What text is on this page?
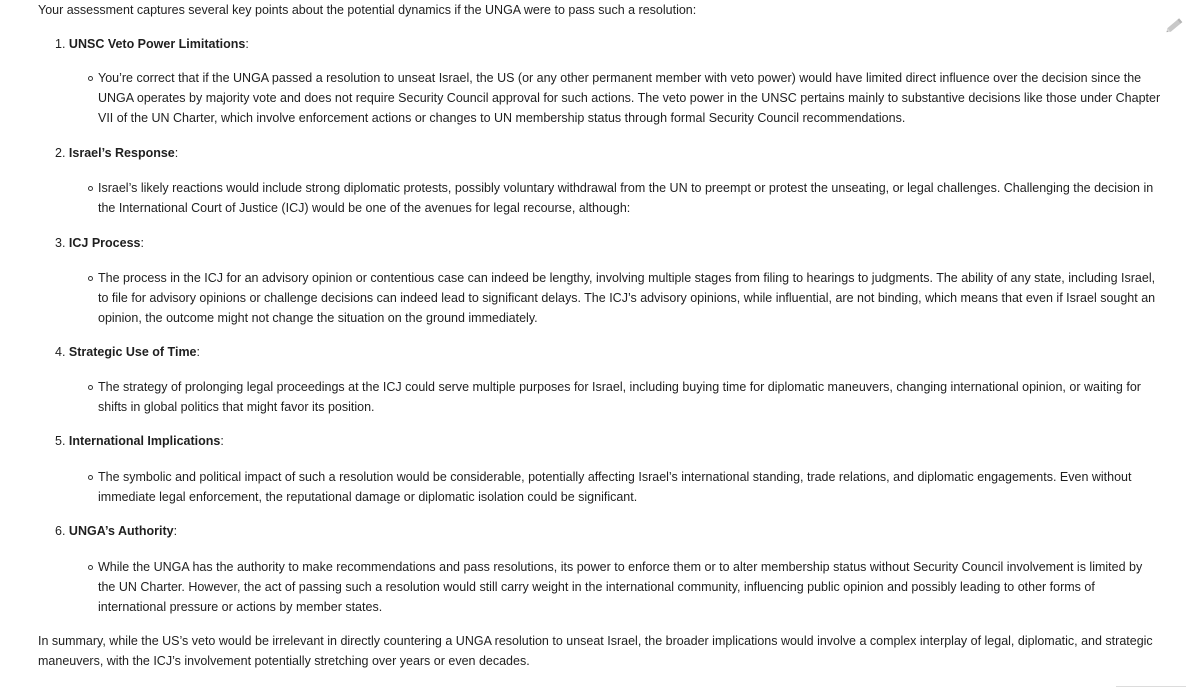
Your assessment captures several key points about the potential dynamics if the UNGA were to pass such a resolution:
1. UNSC Veto Power Limitations:
You’re correct that if the UNGA passed a resolution to unseat Israel, the US (or any other permanent member with veto power) would have limited direct influence over the decision since the UNGA operates by majority vote and does not require Security Council approval for such actions. The veto power in the UNSC pertains mainly to substantive decisions like those under Chapter VII of the UN Charter, which involve enforcement actions or changes to UN membership status through formal Security Council recommendations.
2. Israel’s Response:
Israel’s likely reactions would include strong diplomatic protests, possibly voluntary withdrawal from the UN to preempt or protest the unseating, or legal challenges. Challenging the decision in the International Court of Justice (ICJ) would be one of the avenues for legal recourse, although:
3. ICJ Process:
The process in the ICJ for an advisory opinion or contentious case can indeed be lengthy, involving multiple stages from filing to hearings to judgments. The ability of any state, including Israel, to file for advisory opinions or challenge decisions can indeed lead to significant delays. The ICJ’s advisory opinions, while influential, are not binding, which means that even if Israel sought an opinion, the outcome might not change the situation on the ground immediately.
4. Strategic Use of Time:
The strategy of prolonging legal proceedings at the ICJ could serve multiple purposes for Israel, including buying time for diplomatic maneuvers, changing international opinion, or waiting for shifts in global politics that might favor its position.
5. International Implications:
The symbolic and political impact of such a resolution would be considerable, potentially affecting Israel’s international standing, trade relations, and diplomatic engagements. Even without immediate legal enforcement, the reputational damage or diplomatic isolation could be significant.
6. UNGA’s Authority:
While the UNGA has the authority to make recommendations and pass resolutions, its power to enforce them or to alter membership status without Security Council involvement is limited by the UN Charter. However, the act of passing such a resolution would still carry weight in the international community, influencing public opinion and possibly leading to other forms of international pressure or actions by member states.
In summary, while the US’s veto would be irrelevant in directly countering a UNGA resolution to unseat Israel, the broader implications would involve a complex interplay of legal, diplomatic, and strategic maneuvers, with the ICJ’s involvement potentially stretching over years or even decades.
